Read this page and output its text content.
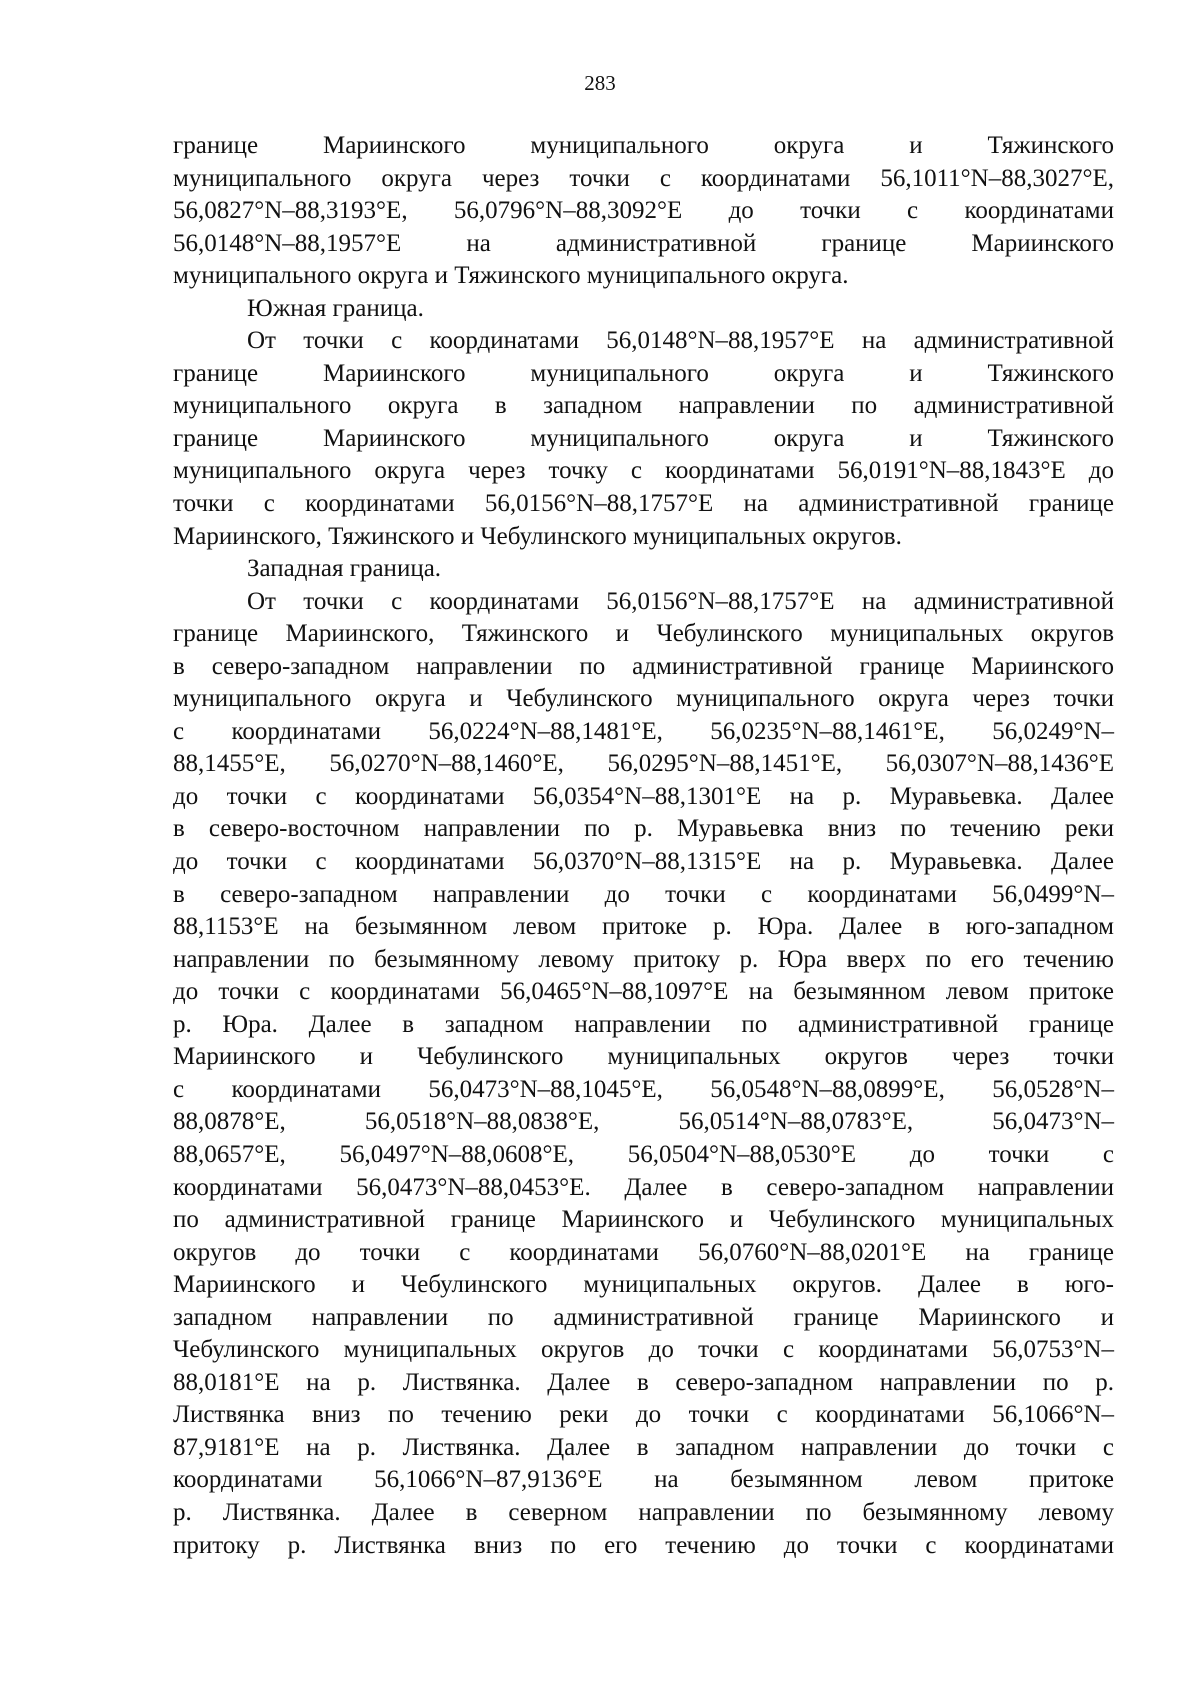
283
границе Мариинского муниципального округа и Тяжинского
муниципального округа через точки с координатами 56,1011°N–88,3027°E,
56,0827°N–88,3193°E, 56,0796°N–88,3092°E до точки с координатами
56,0148°N–88,1957°E на административной границе Мариинского
муниципального округа и Тяжинского муниципального округа.
Южная граница.
От точки с координатами 56,0148°N–88,1957°E на административной
границе Мариинского муниципального округа и Тяжинского
муниципального округа в западном направлении по административной
границе Мариинского муниципального округа и Тяжинского
муниципального округа через точку с координатами 56,0191°N–88,1843°E до
точки с координатами 56,0156°N–88,1757°E на административной границе
Мариинского, Тяжинского и Чебулинского муниципальных округов.
Западная граница.
От точки с координатами 56,0156°N–88,1757°E на административной
границе Мариинского, Тяжинского и Чебулинского муниципальных округов
в северо-западном направлении по административной границе Мариинского
муниципального округа и Чебулинского муниципального округа через точки
с координатами 56,0224°N–88,1481°E, 56,0235°N–88,1461°E, 56,0249°N–
88,1455°E, 56,0270°N–88,1460°E, 56,0295°N–88,1451°E, 56,0307°N–88,1436°E
до точки с координатами 56,0354°N–88,1301°E на р. Муравьевка. Далее
в северо-восточном направлении по р. Муравьевка вниз по течению реки
до точки с координатами 56,0370°N–88,1315°E на р. Муравьевка. Далее
в северо-западном направлении до точки с координатами 56,0499°N–
88,1153°E на безымянном левом притоке р. Юра. Далее в юго-западном
направлении по безымянному левому притоку р. Юра вверх по его течению
до точки с координатами 56,0465°N–88,1097°E на безымянном левом притоке
р. Юра. Далее в западном направлении по административной границе
Мариинского и Чебулинского муниципальных округов через точки
с координатами 56,0473°N–88,1045°E, 56,0548°N–88,0899°E, 56,0528°N–
88,0878°E, 56,0518°N–88,0838°E, 56,0514°N–88,0783°E, 56,0473°N–
88,0657°E, 56,0497°N–88,0608°E, 56,0504°N–88,0530°E до точки с
координатами 56,0473°N–88,0453°E. Далее в северо-западном направлении
по административной границе Мариинского и Чебулинского муниципальных
округов до точки с координатами 56,0760°N–88,0201°E на границе
Мариинского и Чебулинского муниципальных округов. Далее в юго-
западном направлении по административной границе Мариинского и
Чебулинского муниципальных округов до точки с координатами 56,0753°N–
88,0181°E на р. Листвянка. Далее в северо-западном направлении по р.
Листвянка вниз по течению реки до точки с координатами 56,1066°N–
87,9181°E на р. Листвянка. Далее в западном направлении до точки с
координатами 56,1066°N–87,9136°E на безымянном левом притоке
р. Листвянка. Далее в северном направлении по безымянному левому
притоку р. Листвянка вниз по его течению до точки с координатами
